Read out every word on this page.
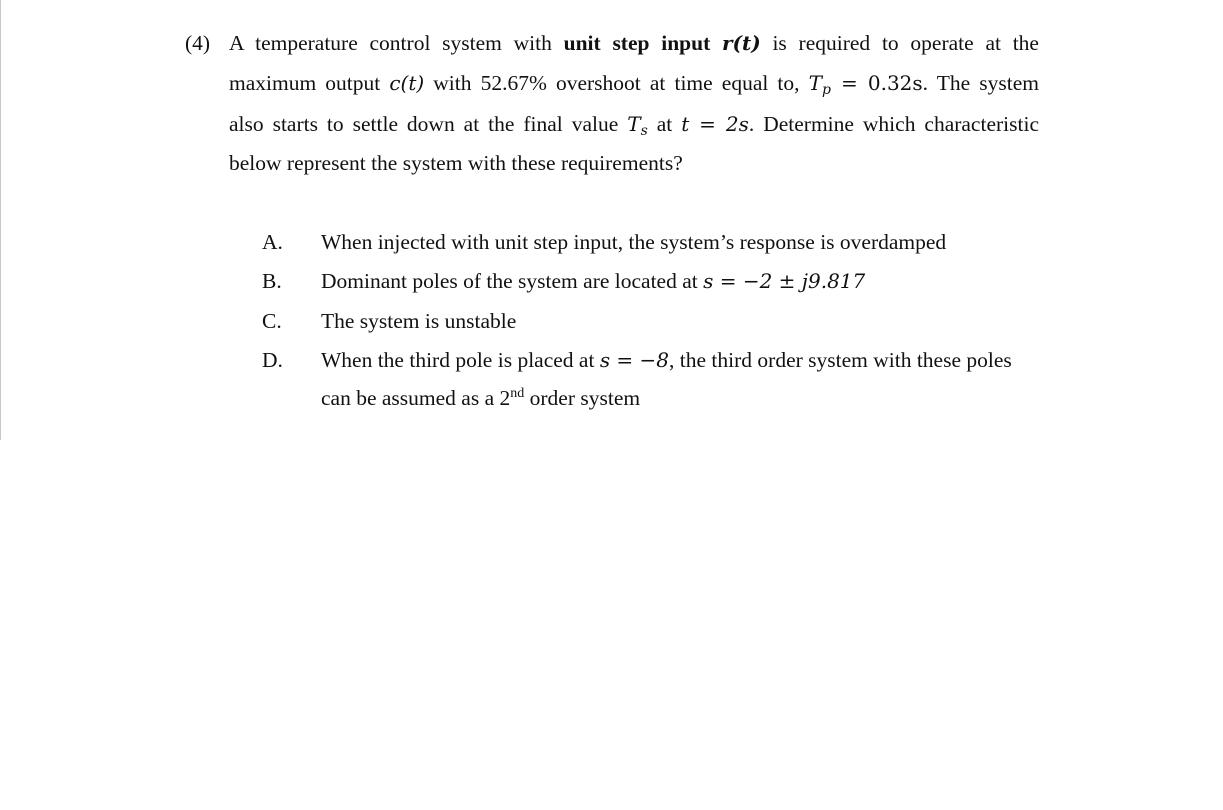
(4) A temperature control system with unit step input r(t) is required to operate at the
maximum output c(t) with 52.67% overshoot at time equal to, $T_p = 0.32s$. The system
also starts to settle down at the final value $T_s$ at t = 2s. Determine which characteristic
below represent the system with these requirements?
A. When injected with unit step input, the system’s response is overdamped
B. Dominant poles of the system are located at s = −2 ± j9.817
C. The system is unstable
D. When the third pole is placed at s = −8, the third order system with these poles
can be assumed as a 2nd order system
